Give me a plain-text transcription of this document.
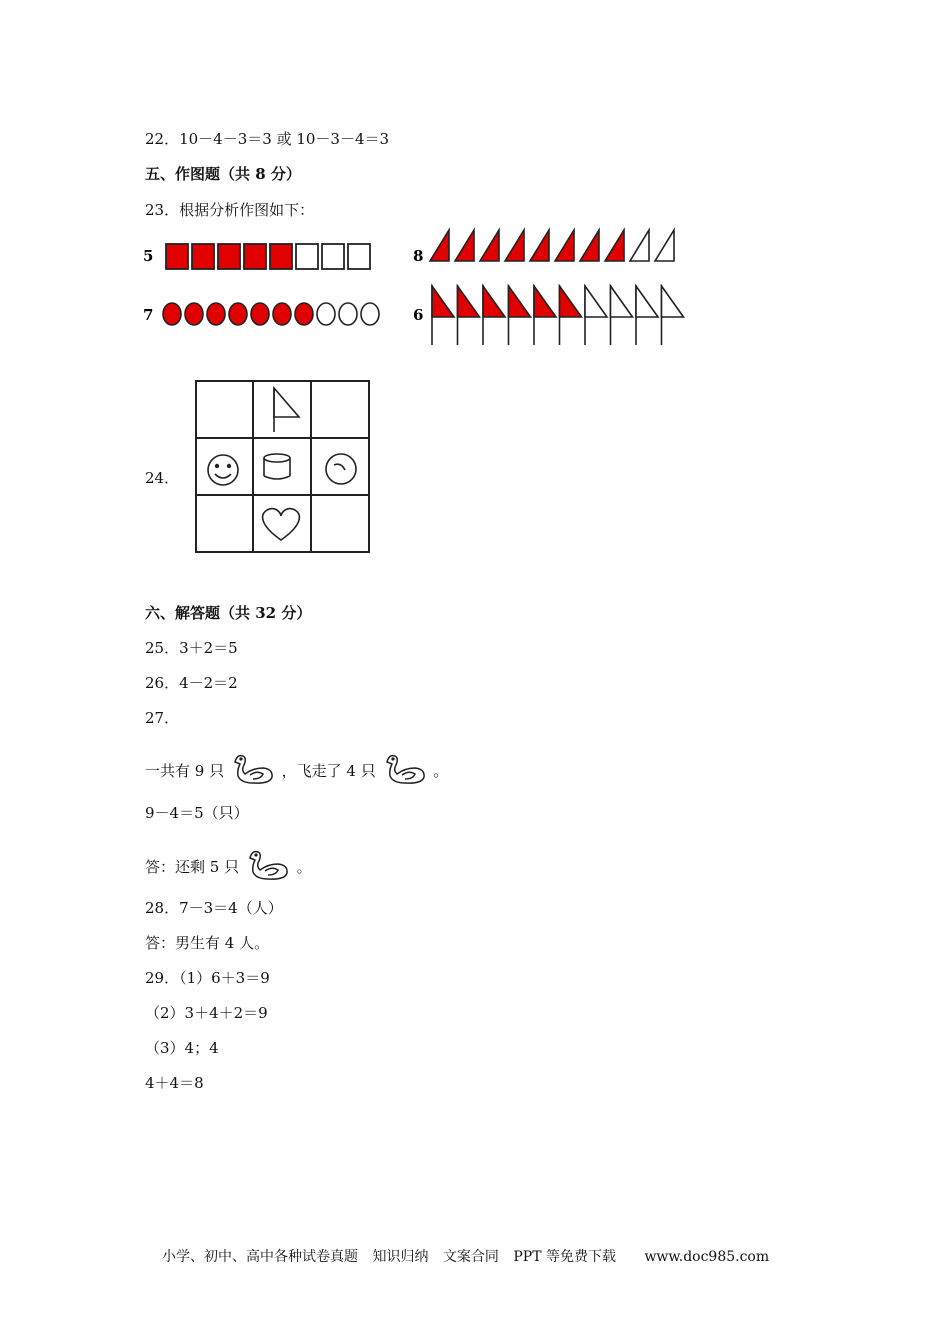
22．10－4－3＝3 或 10－3－4＝3
五、作图题（共 8 分）
23．根据分析作图如下：
5	8
7	6
24．
六、解答题（共 32 分）
25．3＋2＝5
26．4－2＝2
27．
一共有 9 只	，飞走了 4 只	。
9－4＝5（只）
答：还剩 5 只	。
28．7－3＝4（人）
答：男生有 4 人。
29．（1）6＋3＝9
（2）3＋4＋2＝9
（3）4；4
4＋4＝8
小学、初中、高中各种试卷真题 知识归纳 文案合同 PPT 等免费下载 www.doc985.com
